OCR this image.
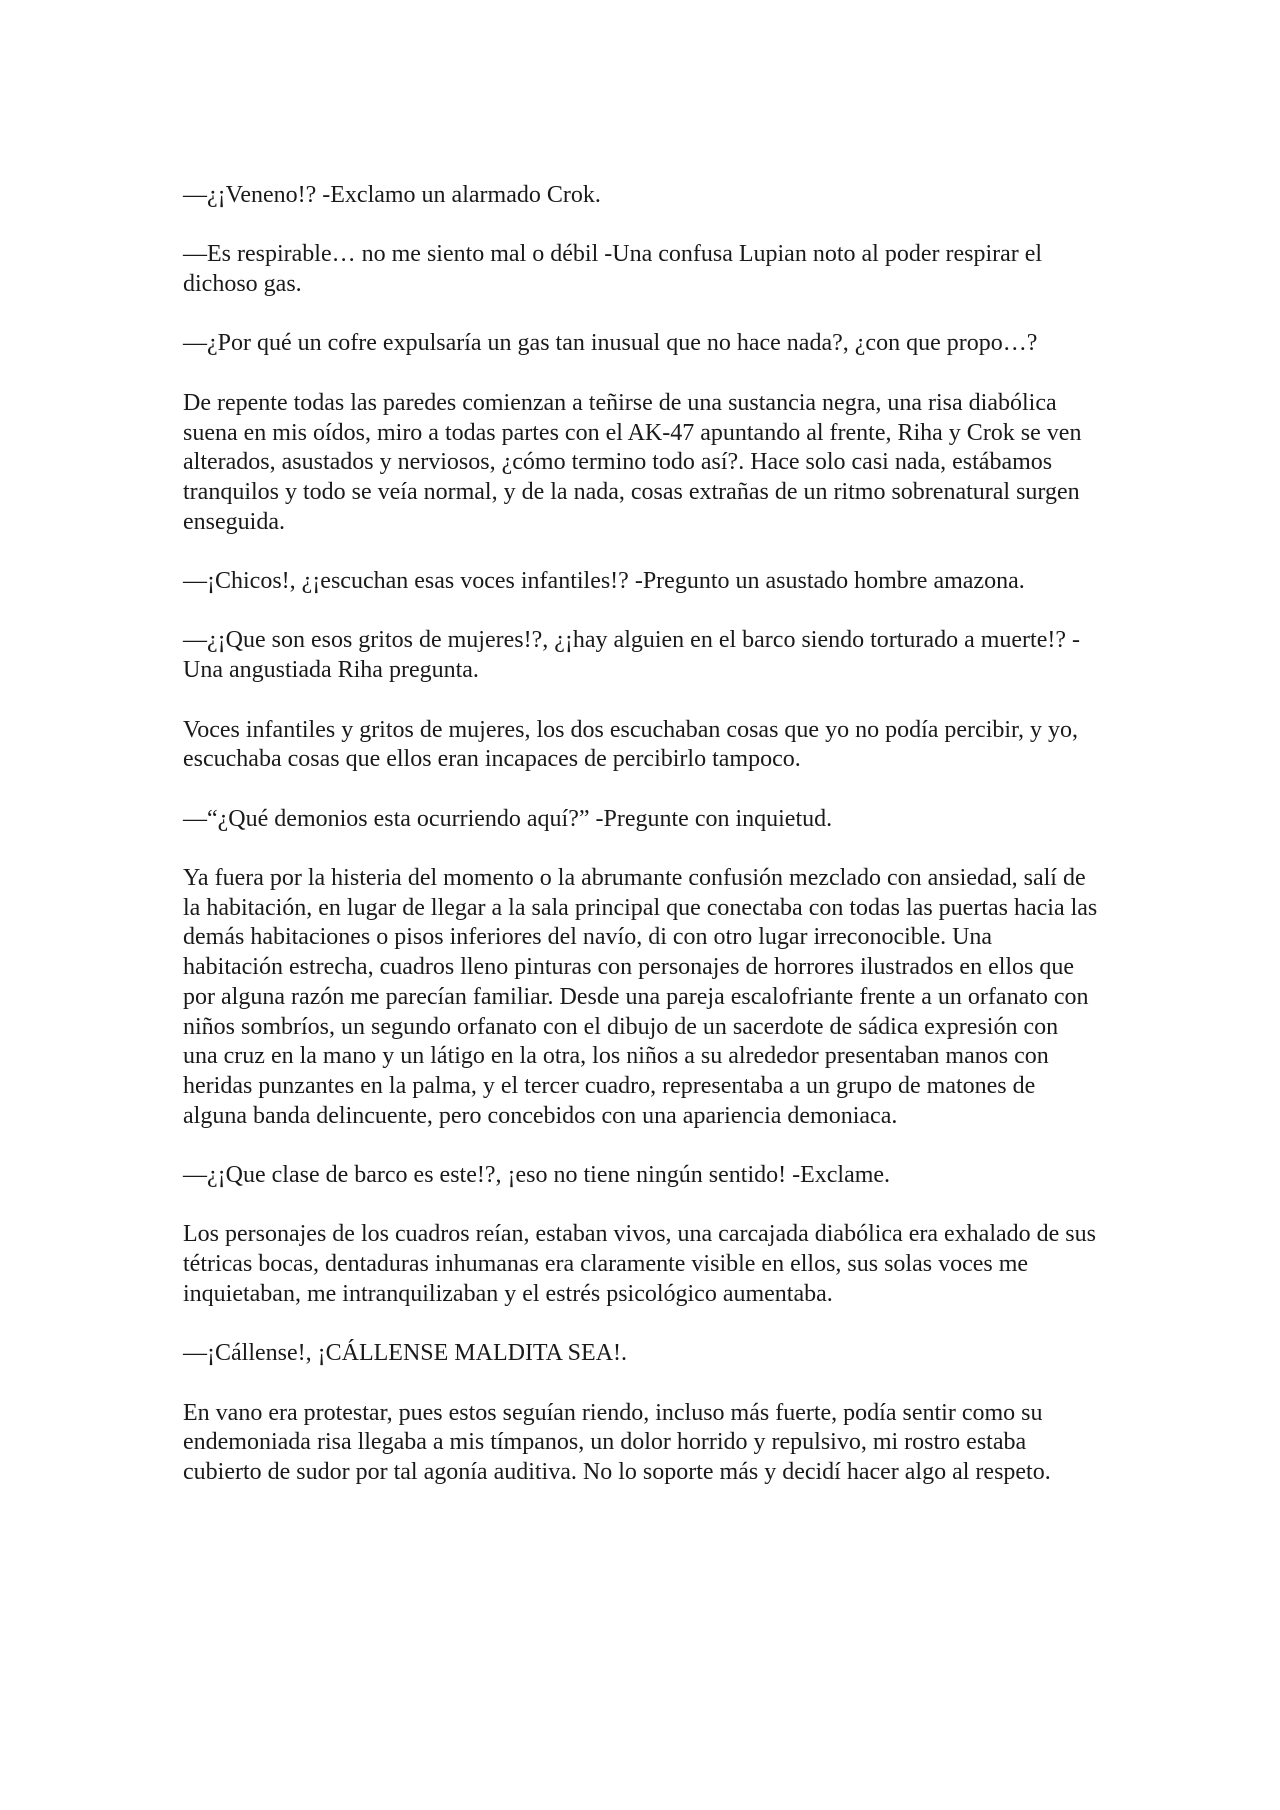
—¿¡Veneno!? -Exclamo un alarmado Crok.

—Es respirable… no me siento mal o débil -Una confusa Lupian noto al poder respirar el dichoso gas.

—¿Por qué un cofre expulsaría un gas tan inusual que no hace nada?, ¿con que propo…?

De repente todas las paredes comienzan a teñirse de una sustancia negra, una risa diabólica suena en mis oídos, miro a todas partes con el AK-47 apuntando al frente, Riha y Crok se ven alterados, asustados y nerviosos, ¿cómo termino todo así?. Hace solo casi nada, estábamos tranquilos y todo se veía normal, y de la nada, cosas extrañas de un ritmo sobrenatural surgen enseguida.

—¡Chicos!, ¿¡escuchan esas voces infantiles!? -Pregunto un asustado hombre amazona.

—¿¡Que son esos gritos de mujeres!?, ¿¡hay alguien en el barco siendo torturado a muerte!? -Una angustiada Riha pregunta.

Voces infantiles y gritos de mujeres, los dos escuchaban cosas que yo no podía percibir, y yo, escuchaba cosas que ellos eran incapaces de percibirlo tampoco.

—“¿Qué demonios esta ocurriendo aquí?” -Pregunte con inquietud.

Ya fuera por la histeria del momento o la abrumante confusión mezclado con ansiedad, salí de la habitación, en lugar de llegar a la sala principal que conectaba con todas las puertas hacia las demás habitaciones o pisos inferiores del navío, di con otro lugar irreconocible. Una habitación estrecha, cuadros lleno pinturas con personajes de horrores ilustrados en ellos que por alguna razón me parecían familiar. Desde una pareja escalofriante frente a un orfanato con niños sombríos, un segundo orfanato con el dibujo de un sacerdote de sádica expresión con una cruz en la mano y un látigo en la otra, los niños a su alrededor presentaban manos con heridas punzantes en la palma, y el tercer cuadro, representaba a un grupo de matones de alguna banda delincuente, pero concebidos con una apariencia demoniaca.

—¿¡Que clase de barco es este!?, ¡eso no tiene ningún sentido! -Exclame.

Los personajes de los cuadros reían, estaban vivos, una carcajada diabólica era exhalado de sus tétricas bocas, dentaduras inhumanas era claramente visible en ellos, sus solas voces me inquietaban, me intranquilizaban y el estrés psicológico aumentaba.

—¡Cállense!, ¡CÁLLENSE MALDITA SEA!.

En vano era protestar, pues estos seguían riendo, incluso más fuerte, podía sentir como su endemoniada risa llegaba a mis tímpanos, un dolor horrido y repulsivo, mi rostro estaba cubierto de sudor por tal agonía auditiva. No lo soporte más y decidí hacer algo al respeto.
